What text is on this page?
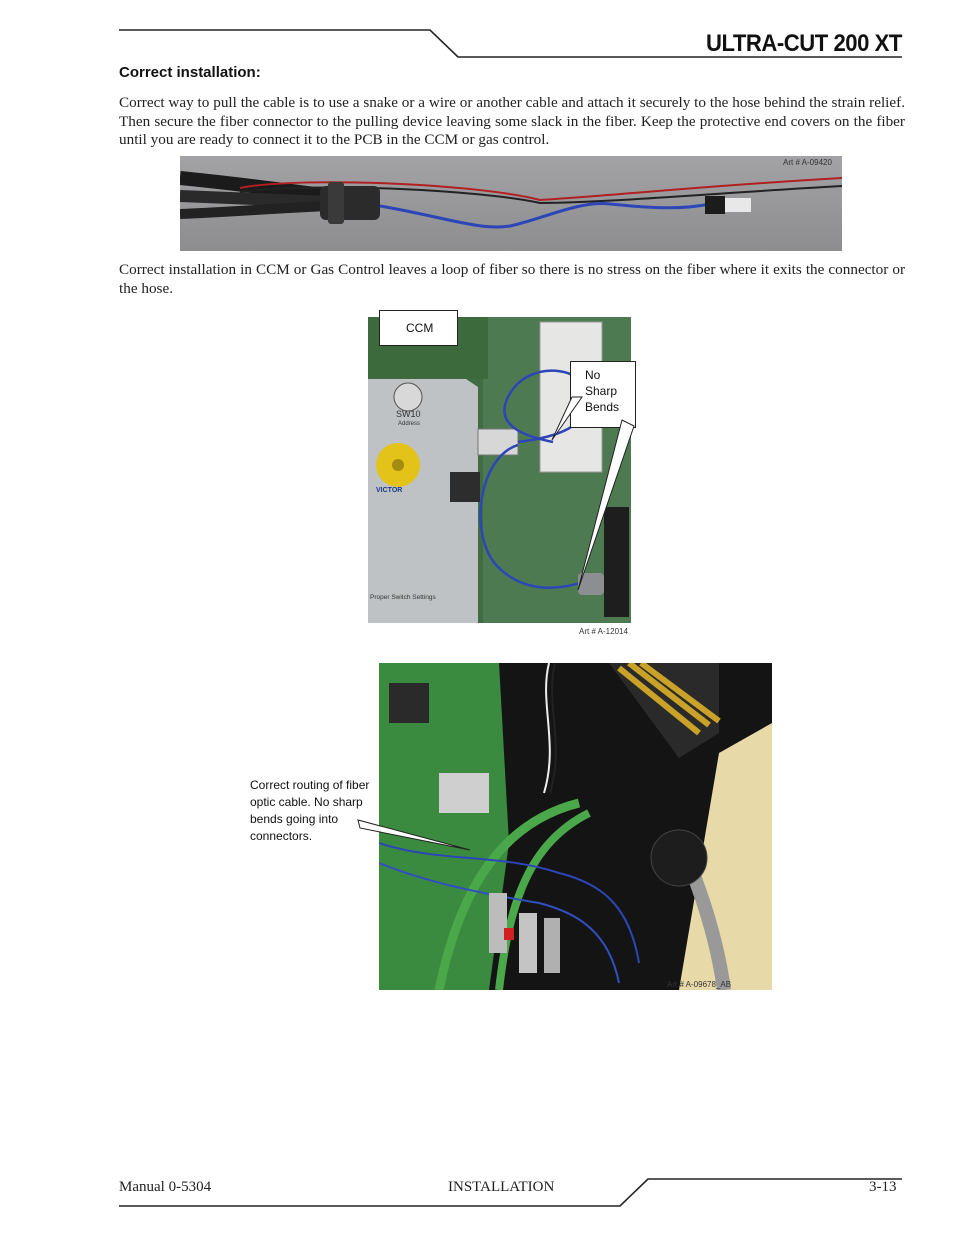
ULTRA-CUT 200 XT
Correct installation:
Correct way to pull the cable is to use a snake or a wire or another cable and attach it securely to the hose behind the strain relief. Then secure the fiber connector to the pulling device leaving some slack in the fiber. Keep the protective end covers on the fiber until you are ready to connect it to the PCB in the CCM or gas control.
Art # A-09420
Correct installation in CCM or Gas Control leaves a loop of fiber so there is no stress on the fiber where it exits the connector or the hose.
SW10
Address
VICTOR
Proper Switch Settings
CCM
No
Sharp
Bends
Art # A-12014
Correct routing of fiber
optic cable. No sharp
bends going into
connectors.
Art # A-09678_AB
Manual 0-5304	INSTALLATION	3-13
